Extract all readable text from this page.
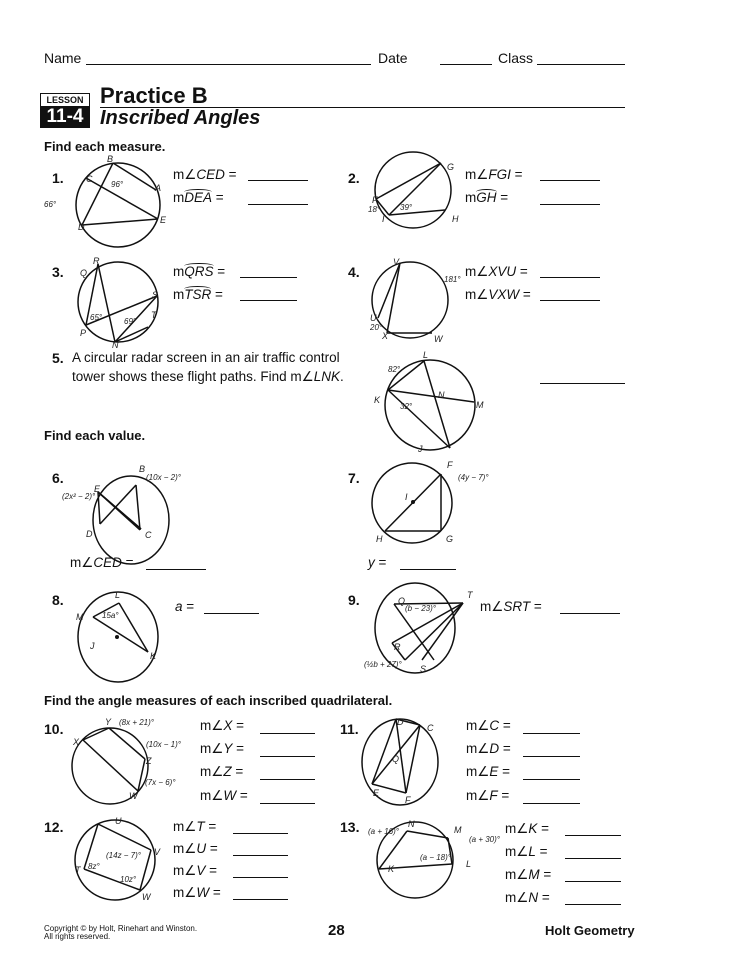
Name	Date	Class
LESSON
11-4
Practice B
Inscribed Angles
Find each measure.
Find each value.
Find the angle measures of each inscribed quadrilateral.
1.	2.
3.	4.
5.
6.	7.
8.	9.
10.	11.
12.	13.
m∠CED =
mDEA =
m∠FGI =
mGH =
mQRS =
mTSR =
m∠XVU =
m∠VXW =
A circular radar screen in an air traffic control
tower shows these flight paths. Find m∠LNK.
m∠CED =	y =
a =	m∠SRT =
m∠X =
m∠Y =
m∠Z =
m∠W =
m∠C =
m∠D =
m∠E =
m∠F =
m∠T =
m∠U =
m∠V =
m∠W =
m∠K =
m∠L =
m∠M =
m∠N =
B
C
A
96°
66°
D
E
G
F
18°
I
39°
H
Q
R
S
65°	69°
T
P
N
V
181°
U
20°
X	W
L
82°
K	N
32°	M
J
B
(10x − 2)°
E
(2x² − 2)°
D	C
F
(4y − 7)°
I
H	G
L
M 15a°
J
K
Q
T
(b − 23)°
R
(½b + 27)° S
Y (8x + 21)°
X	(10x − 1)°
Z
(7x − 6)°
W
D
C
Q
E
F
U
V
(14z − 7)°
T 8z°
10z°
W
N
M
(a + 16)°
(a + 30)°
(a − 18)°
L
K
Copyright © by Holt, Rinehart and Winston.
All rights reserved.	28	Holt Geometry
